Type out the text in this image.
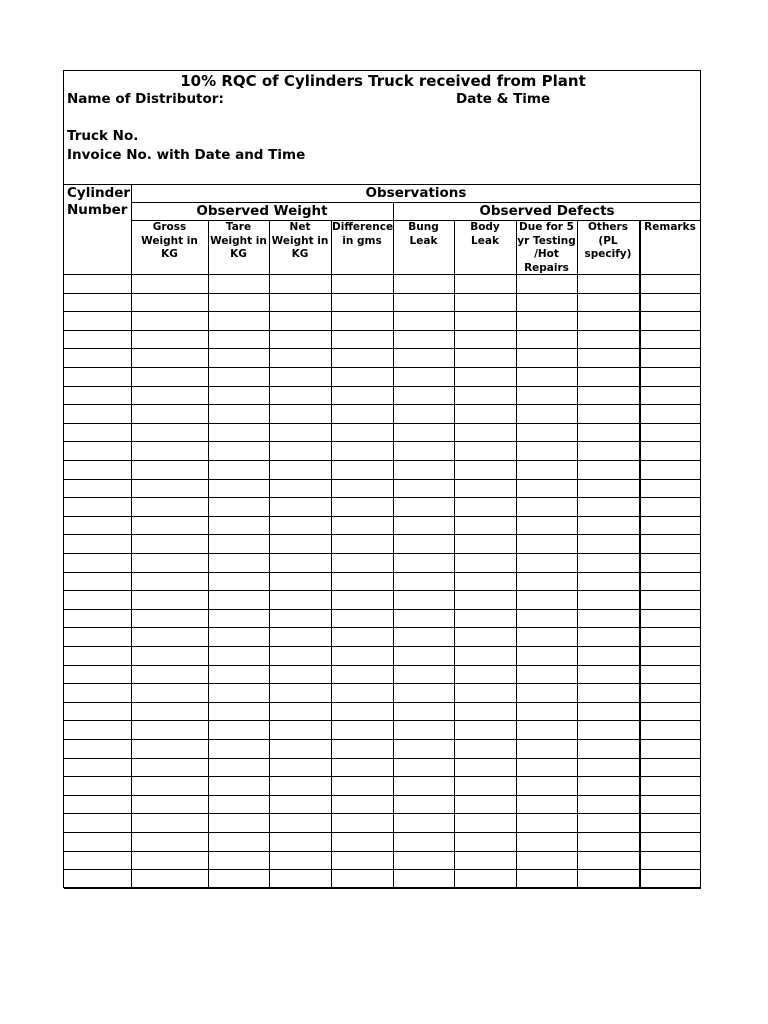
10% RQC of Cylinders Truck received from Plant
Name of Distributor:	Date & Time
Truck No.
Invoice No. with Date and Time
Cylinder
Number
Observations
Observed Weight	Observed Defects
Gross Weight in KG
Tare Weight in KG
Net Weight in KG
Difference in gms
Bung Leak
Body Leak
Due for 5 yr Testing /Hot Repairs
Others (PL specify)
Remarks
